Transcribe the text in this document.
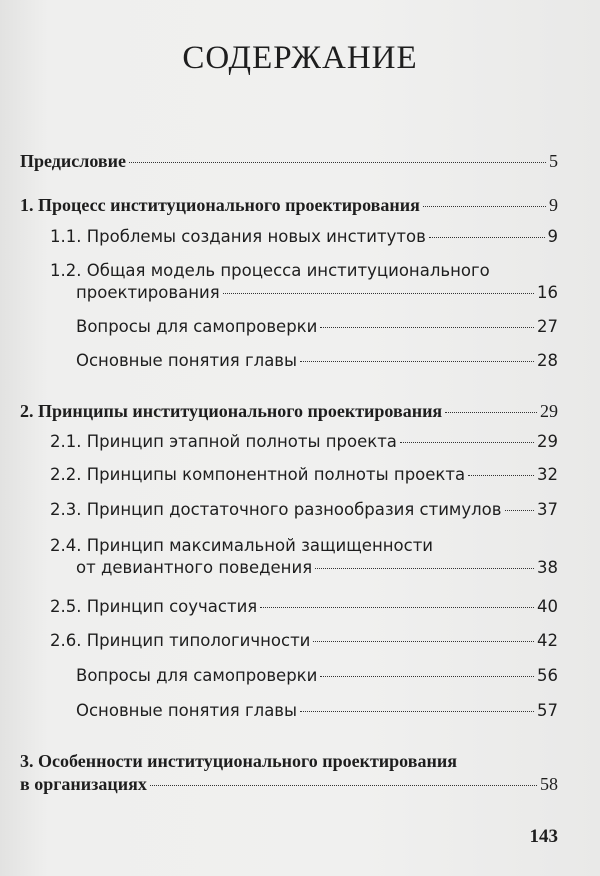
СОДЕРЖАНИЕ
Предисловие	5
1. Процесс институционального проектирования	9
1.1. Проблемы создания новых институтов	9
1.2. Общая модель процесса институционального
проектирования	16
Вопросы для самопроверки	27
Основные понятия главы	28
2. Принципы институционального проектирования	29
2.1. Принцип этапной полноты проекта	29
2.2. Принципы компонентной полноты проекта	32
2.3. Принцип достаточного разнообразия стимулов 37
2.4. Принцип максимальной защищенности
от девиантного поведения	38
2.5. Принцип соучастия	40
2.6. Принцип типологичности	42
Вопросы для самопроверки	56
Основные понятия главы	57
3. Особенности институционального проектирования
в организациях	58
143
